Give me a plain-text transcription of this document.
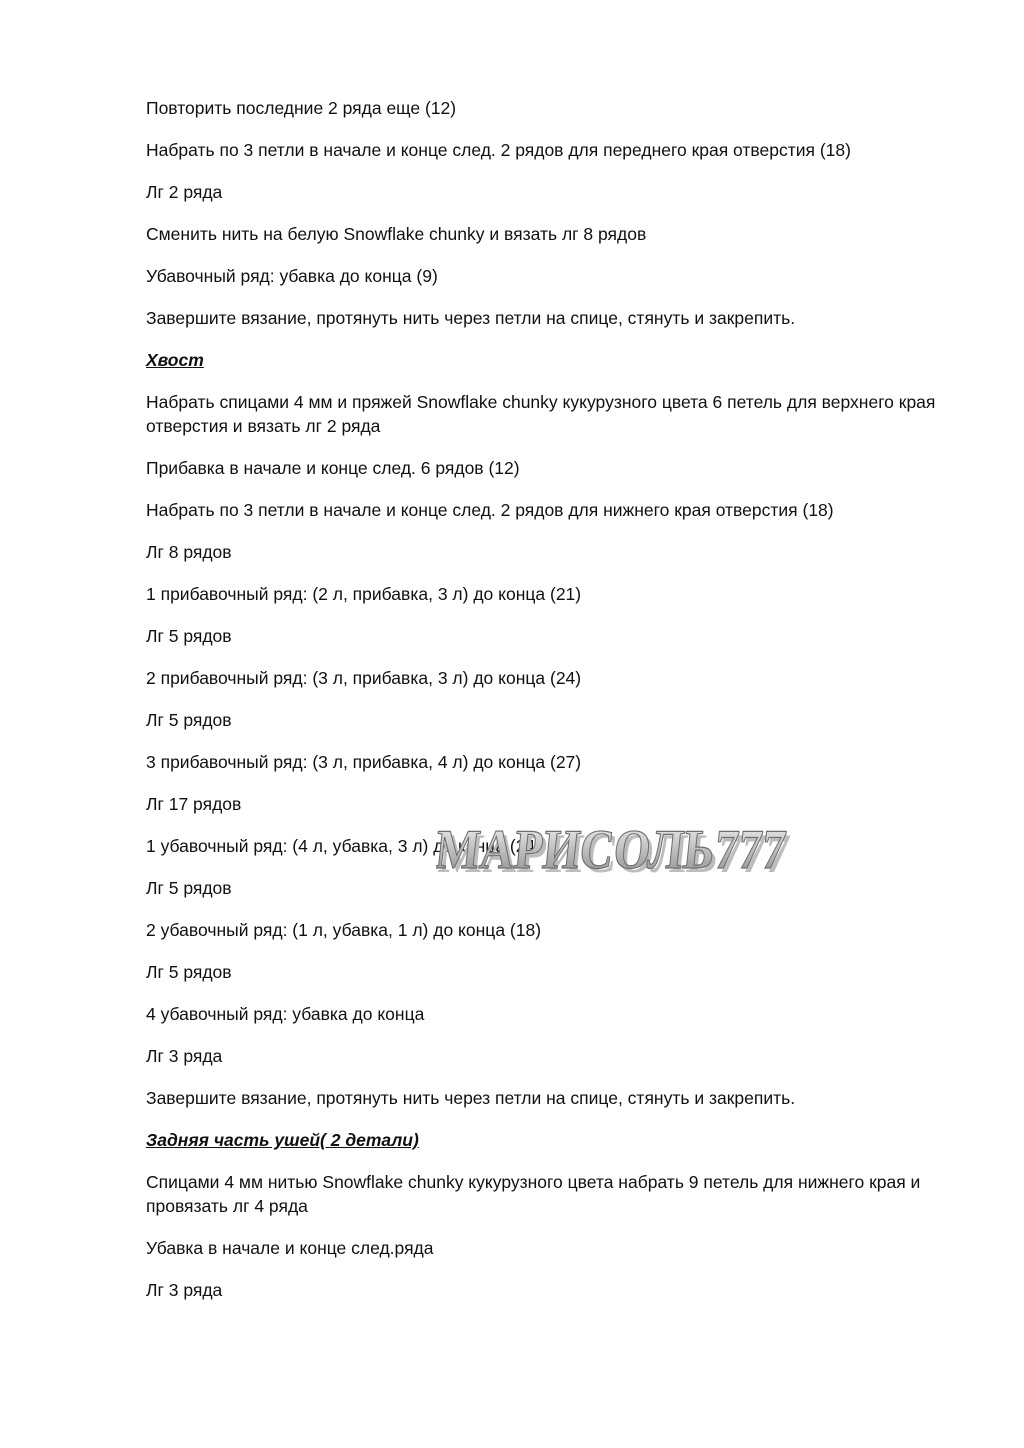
Повторить последние 2 ряда еще (12)

Набрать по 3 петли в начале и конце след. 2 рядов для переднего края отверстия (18)

Лг 2 ряда

Сменить нить на белую Snowflake chunky и вязать лг 8 рядов

Убавочный ряд: убавка до конца (9)

Завершите вязание, протянуть нить через петли на спице, стянуть и закрепить.

Хвост

Набрать спицами 4 мм и пряжей Snowflake chunky кукурузного цвета 6 петель для верхнего края отверстия и вязать лг 2 ряда

Прибавка в начале и конце след. 6 рядов (12)

Набрать по 3 петли в начале и конце след. 2 рядов для нижнего края отверстия (18)

Лг 8 рядов

1 прибавочный ряд: (2 л, прибавка, 3 л) до конца (21)

Лг 5 рядов

2 прибавочный ряд: (3 л, прибавка, 3 л) до конца (24)

Лг 5 рядов

3 прибавочный ряд: (3 л, прибавка, 4 л) до конца (27)

Лг 17 рядов

1 убавочный ряд: (4 л, убавка, 3 л) до конца (24)

Лг 5 рядов

2 убавочный ряд: (1 л, убавка, 1 л) до конца (18)

Лг 5 рядов

4 убавочный ряд: убавка до конца

Лг 3 ряда

Завершите вязание, протянуть нить через петли на спице, стянуть и закрепить.

Задняя часть ушей( 2 детали)

Спицами 4 мм нитью Snowflake chunky кукурузного цвета набрать 9 петель для нижнего края и провязать лг 4 ряда

Убавка в начале и конце след.ряда

Лг 3 ряда

МАРИСОЛЬ777
МАРИСОЛЬ777
